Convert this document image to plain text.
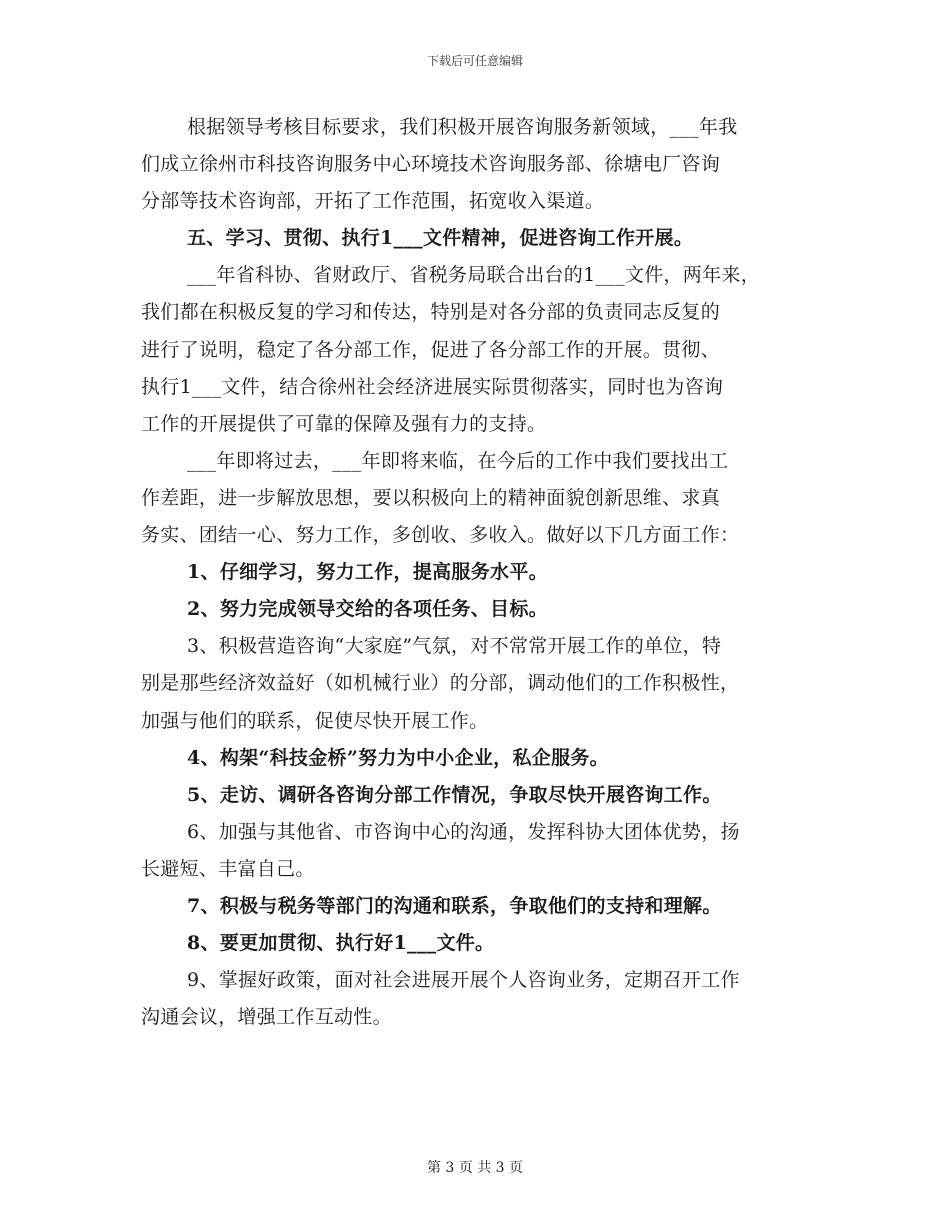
下载后可任意编辑
根据领导考核目标要求，我们积极开展咨询服务新领域，___年我
们成立徐州市科技咨询服务中心环境技术咨询服务部、徐塘电厂咨询
分部等技术咨询部，开拓了工作范围，拓宽收入渠道。
五、学习、贯彻、执行1___文件精神，促进咨询工作开展。
___年省科协、省财政厅、省税务局联合出台的1___文件，两年来，
我们都在积极反复的学习和传达，特别是对各分部的负责同志反复的
进行了说明，稳定了各分部工作，促进了各分部工作的开展。贯彻、
执行1___文件，结合徐州社会经济进展实际贯彻落实，同时也为咨询
工作的开展提供了可靠的保障及强有力的支持。
___年即将过去，___年即将来临，在今后的工作中我们要找出工
作差距，进一步解放思想，要以积极向上的精神面貌创新思维、求真
务实、团结一心、努力工作，多创收、多收入。做好以下几方面工作：
1、仔细学习，努力工作，提高服务水平。
2、努力完成领导交给的各项任务、目标。
3、积极营造咨询“大家庭”气氛，对不常常开展工作的单位，特
别是那些经济效益好（如机械行业）的分部，调动他们的工作积极性，
加强与他们的联系，促使尽快开展工作。
4、构架“科技金桥”努力为中小企业，私企服务。
5、走访、调研各咨询分部工作情况，争取尽快开展咨询工作。
6、加强与其他省、市咨询中心的沟通，发挥科协大团体优势，扬
长避短、丰富自己。
7、积极与税务等部门的沟通和联系，争取他们的支持和理解。
8、要更加贯彻、执行好1___文件。
9、掌握好政策，面对社会进展开展个人咨询业务，定期召开工作
沟通会议，增强工作互动性。
第 3 页 共 3 页
